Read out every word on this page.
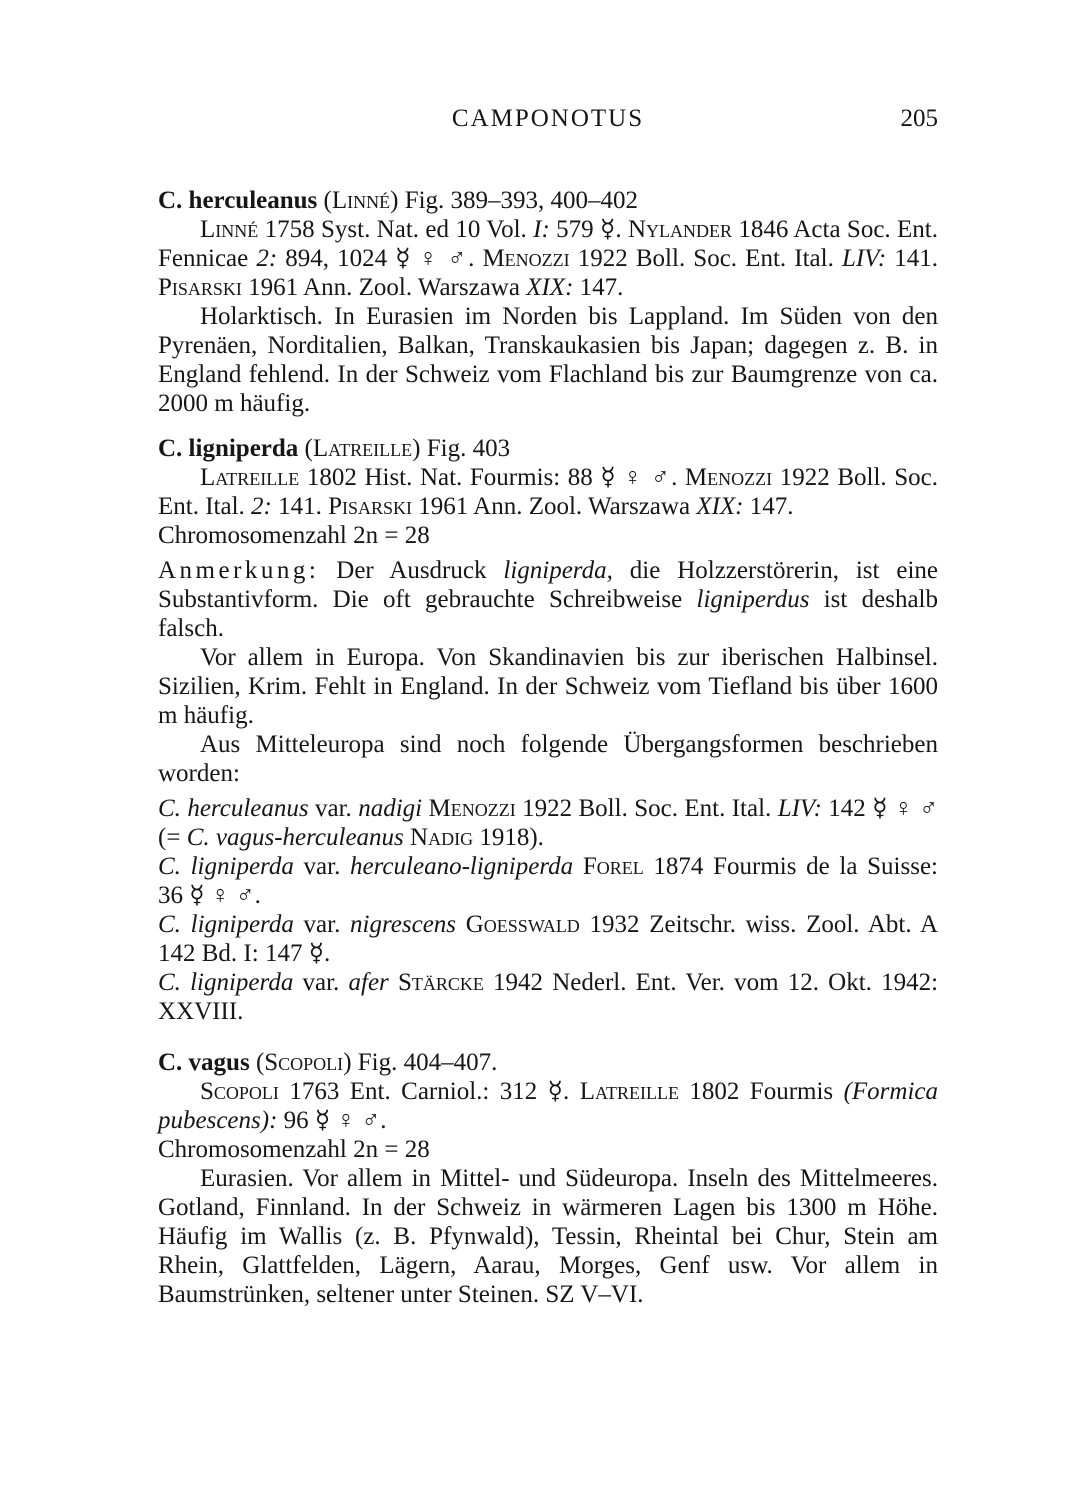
CAMPONOTUS	205
C. herculeanus (Linné) Fig. 389–393, 400–402

Linné 1758 Syst. Nat. ed 10 Vol. I: 579 ☿. Nylander 1846 Acta Soc. Ent. Fennicae 2: 894, 1024 ☿ ♀ ♂. Menozzi 1922 Boll. Soc. Ent. Ital. LIV: 141. Pisarski 1961 Ann. Zool. Warszawa XIX: 147.

Holarktisch. In Eurasien im Norden bis Lappland. Im Süden von den Pyrenäen, Norditalien, Balkan, Transkaukasien bis Japan; dagegen z. B. in England fehlend. In der Schweiz vom Flachland bis zur Baumgrenze von ca. 2000 m häufig.

C. ligniperda (Latreille) Fig. 403

Latreille 1802 Hist. Nat. Fourmis: 88 ☿ ♀ ♂. Menozzi 1922 Boll. Soc. Ent. Ital. 2: 141. Pisarski 1961 Ann. Zool. Warszawa XIX: 147.

Chromosomenzahl 2n = 28

Anmerkung: Der Ausdruck ligniperda, die Holzzerstörerin, ist eine Substantivform. Die oft gebrauchte Schreibweise ligniperdus ist deshalb falsch.

Vor allem in Europa. Von Skandinavien bis zur iberischen Halbinsel. Sizilien, Krim. Fehlt in England. In der Schweiz vom Tiefland bis über 1600 m häufig.

Aus Mitteleuropa sind noch folgende Übergangsformen beschrieben worden:

C. herculeanus var. nadigi Menozzi 1922 Boll. Soc. Ent. Ital. LIV: 142 ☿ ♀ ♂ (= C. vagus-herculeanus Nadig 1918).

C. ligniperda var. herculeano-ligniperda Forel 1874 Fourmis de la Suisse: 36 ☿ ♀ ♂.

C. ligniperda var. nigrescens Goesswald 1932 Zeitschr. wiss. Zool. Abt. A 142 Bd. I: 147 ☿.

C. ligniperda var. afer Stärcke 1942 Nederl. Ent. Ver. vom 12. Okt. 1942: XXVIII.

C. vagus (Scopoli) Fig. 404–407.

Scopoli 1763 Ent. Carniol.: 312 ☿. Latreille 1802 Fourmis (Formica pubescens): 96 ☿ ♀ ♂.

Chromosomenzahl 2n = 28

Eurasien. Vor allem in Mittel- und Südeuropa. Inseln des Mittelmeeres. Gotland, Finnland. In der Schweiz in wärmeren Lagen bis 1300 m Höhe. Häufig im Wallis (z. B. Pfynwald), Tessin, Rheintal bei Chur, Stein am Rhein, Glattfelden, Lägern, Aarau, Morges, Genf usw. Vor allem in Baumstrünken, seltener unter Steinen. SZ V–VI.
